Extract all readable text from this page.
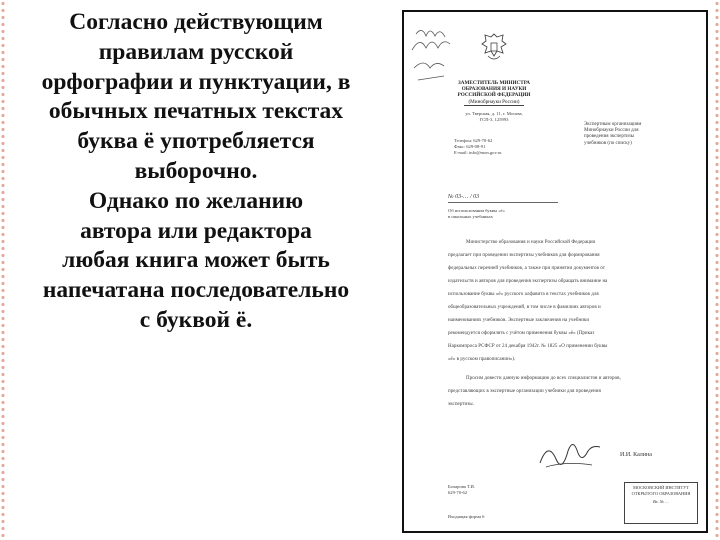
Согласно действующим
правилам русской
орфографии и пунктуации, в
обычных печатных текстах
буква ё употребляется
выборочно.
Однако по желанию
автора или редактора
любая книга может быть
напечатана последовательно
с буквой ё.
ЗАМЕСТИТЕЛЬ МИНИСТРА
ОБРАЗОВАНИЯ И НАУКИ
РОССИЙСКОЙ ФЕДЕРАЦИИ
(Минобрнауки России)
ул. Тверская, д. 11, г. Москва,
ГСП-3, 125993
Телефон: 629-70-62
Факс: 629-08-91
E-mail: info@mon.gov.ru
№ 03-… / 03
Об использовании буквы «ё»
в школьных учебниках
Экспертным организациям
Минобрнауки России для
проведения экспертизы
учебников (по списку)
Министерство образования и науки Российской Федерации
предлагает при проведении экспертизы учебников для формирования
федеральных перечней учебников, а также при принятии документов от
издательств и авторов для проведения экспертизы обращать внимание на
использование буквы «ё» русского алфавита в текстах учебников для
общеобразовательных учреждений, в том числе в фамилиях авторов и
наименованиях учебников. Экспертные заключения на учебники
рекомендуется оформлять с учётом применения буквы «ё» (Приказ
Наркомпроса РСФСР от 24 декабря 1942г. № 1825 «О применении буквы
«ё» в русском правописании»).
Просим довести данную информацию до всех специалистов и авторов,
представляющих в экспертные организации учебники для проведения
экспертизы.
И.И. Калина
Бочарова Т.И.
629-70-62
Входящая форма 6
МОСКОВСКИЙ ИНСТИТУТ
ОТКРЫТОГО ОБРАЗОВАНИЯ
Вх. № …
